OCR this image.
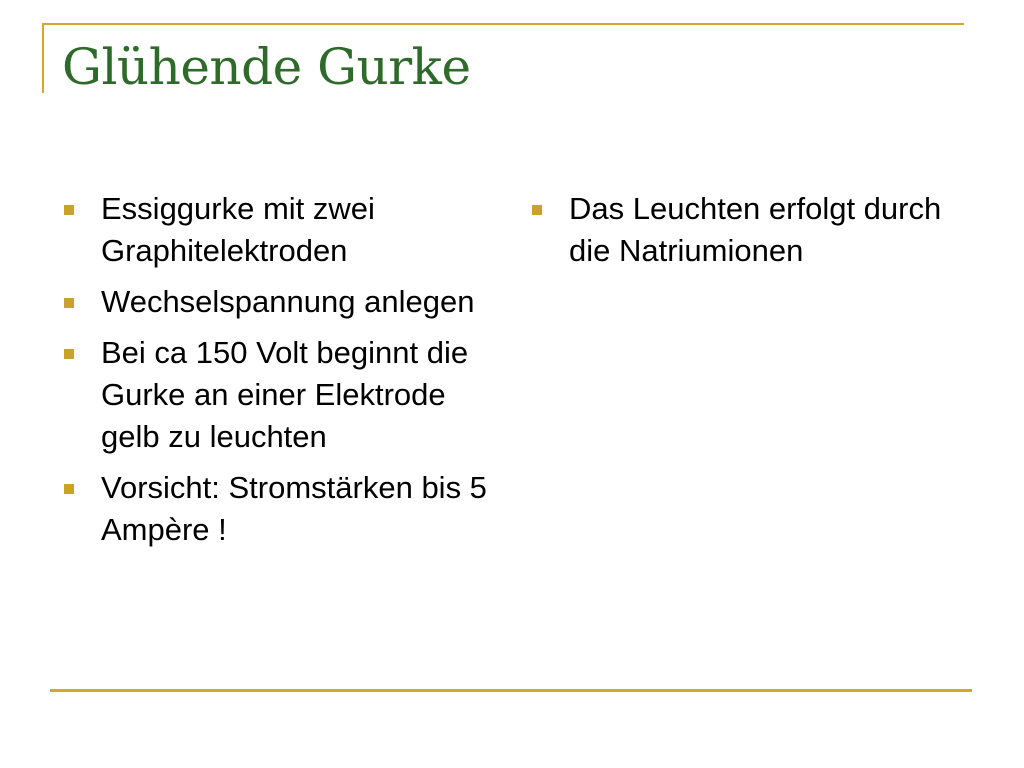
Glühende Gurke
Essiggurke mit zwei Graphitelektroden
Wechselspannung anlegen
Bei ca 150 Volt beginnt die Gurke an einer Elektrode gelb zu leuchten
Vorsicht: Stromstärken bis 5 Ampère !
Das Leuchten erfolgt durch die Natriumionen
